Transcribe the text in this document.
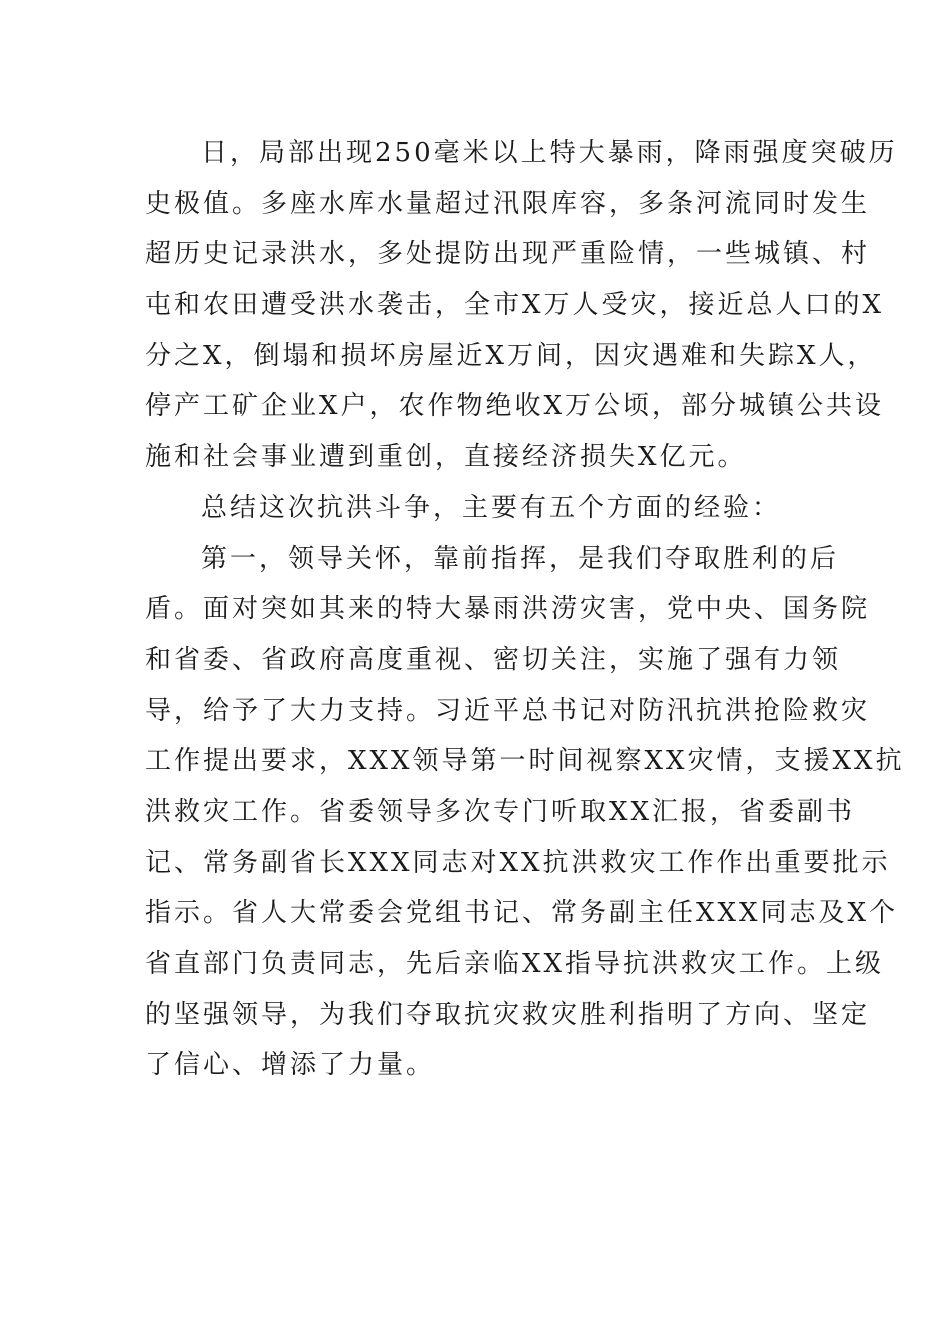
日，局部出现250毫米以上特大暴雨，降雨强度突破历
史极值。多座水库水量超过汛限库容，多条河流同时发生
超历史记录洪水，多处提防出现严重险情，一些城镇、村
屯和农田遭受洪水袭击，全市X万人受灾，接近总人口的X
分之X，倒塌和损坏房屋近X万间，因灾遇难和失踪X人，
停产工矿企业X户，农作物绝收X万公顷，部分城镇公共设
施和社会事业遭到重创，直接经济损失X亿元。
总结这次抗洪斗争，主要有五个方面的经验：
第一，领导关怀，靠前指挥，是我们夺取胜利的后
盾。面对突如其来的特大暴雨洪涝灾害，党中央、国务院
和省委、省政府高度重视、密切关注，实施了强有力领
导，给予了大力支持。习近平总书记对防汛抗洪抢险救灾
工作提出要求，XXX领导第一时间视察XX灾情，支援XX抗
洪救灾工作。省委领导多次专门听取XX汇报，省委副书
记、常务副省长XXX同志对XX抗洪救灾工作作出重要批示
指示。省人大常委会党组书记、常务副主任XXX同志及X个
省直部门负责同志，先后亲临XX指导抗洪救灾工作。上级
的坚强领导，为我们夺取抗灾救灾胜利指明了方向、坚定
了信心、增添了力量。
